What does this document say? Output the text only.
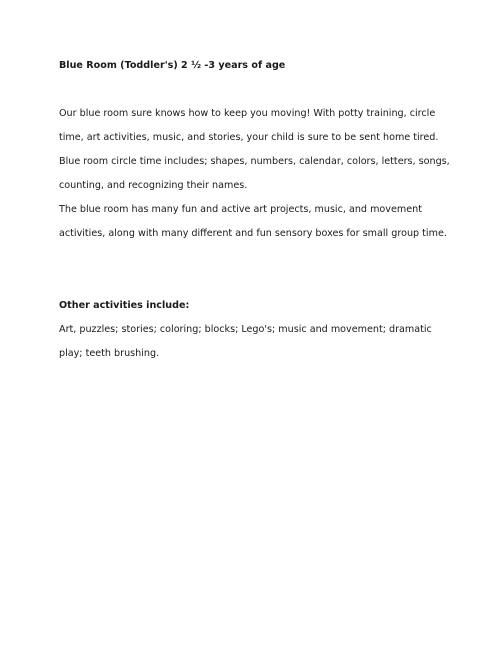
Blue Room (Toddler's) 2 ½ -3 years of age

Our blue room sure knows how to keep you moving! With potty training, circle

time, art activities, music, and stories, your child is sure to be sent home tired.

Blue room circle time includes; shapes, numbers, calendar, colors, letters, songs,

counting, and recognizing their names.

The blue room has many fun and active art projects, music, and movement

activities, along with many different and fun sensory boxes for small group time.

Other activities include:

Art, puzzles; stories; coloring; blocks; Lego's; music and movement; dramatic

play; teeth brushing.
